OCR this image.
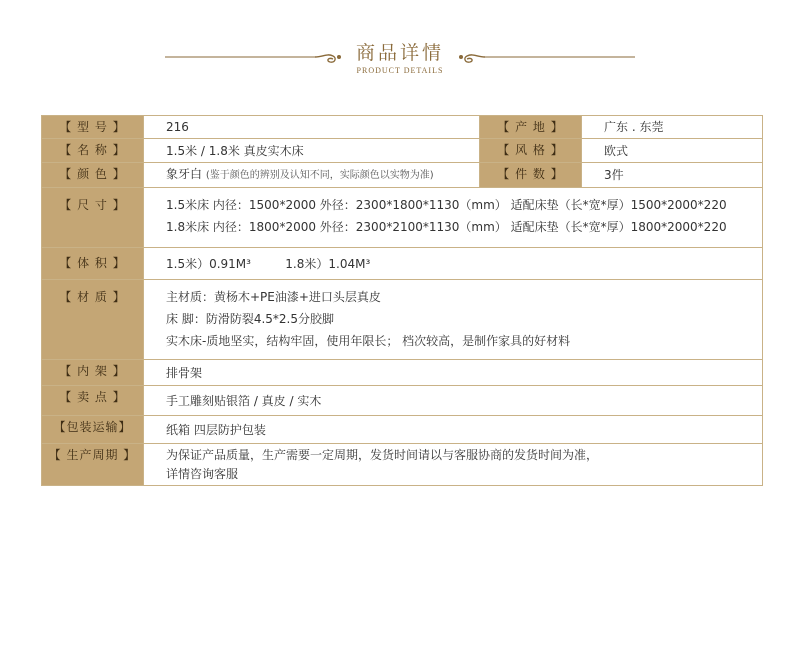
商品详情
PRODUCT DETAILS
【 型 号 】	216	【 产 地 】	广东 . 东莞

【 名 称 】	1.5米 / 1.8米 真皮实木床	【 风 格 】	欧式

【 颜 色 】	象牙白 (鉴于颜色的辨别及认知不同，实际颜色以实物为准)	【 件 数 】	3件

【 尺 寸 】	1.5米床 内径：1500*2000 外径：2300*1800*1130（mm） 适配床垫（长*宽*厚）1500*2000*220
1.8米床 内径：1800*2000 外径：2300*2100*1130（mm） 适配床垫（长*宽*厚）1800*2000*220		

【 体 积 】	1.5米）0.91M³         1.8米）1.04M³		

【 材 质 】	主材质：黄杨木+PE油漆+进口头层真皮
床 脚：防滑防裂4.5*2.5分胶脚
实木床-质地坚实，结构牢固，使用年限长； 档次较高，是制作家具的好材料		

【 内 架 】	排骨架		

【 卖 点 】	手工雕刻贴银箔 / 真皮 / 实木		

【包装运输】	纸箱 四层防护包装		

【 生产周期 】	为保证产品质量，生产需要一定周期，发货时间请以与客服协商的发货时间为准，
详情咨询客服		
